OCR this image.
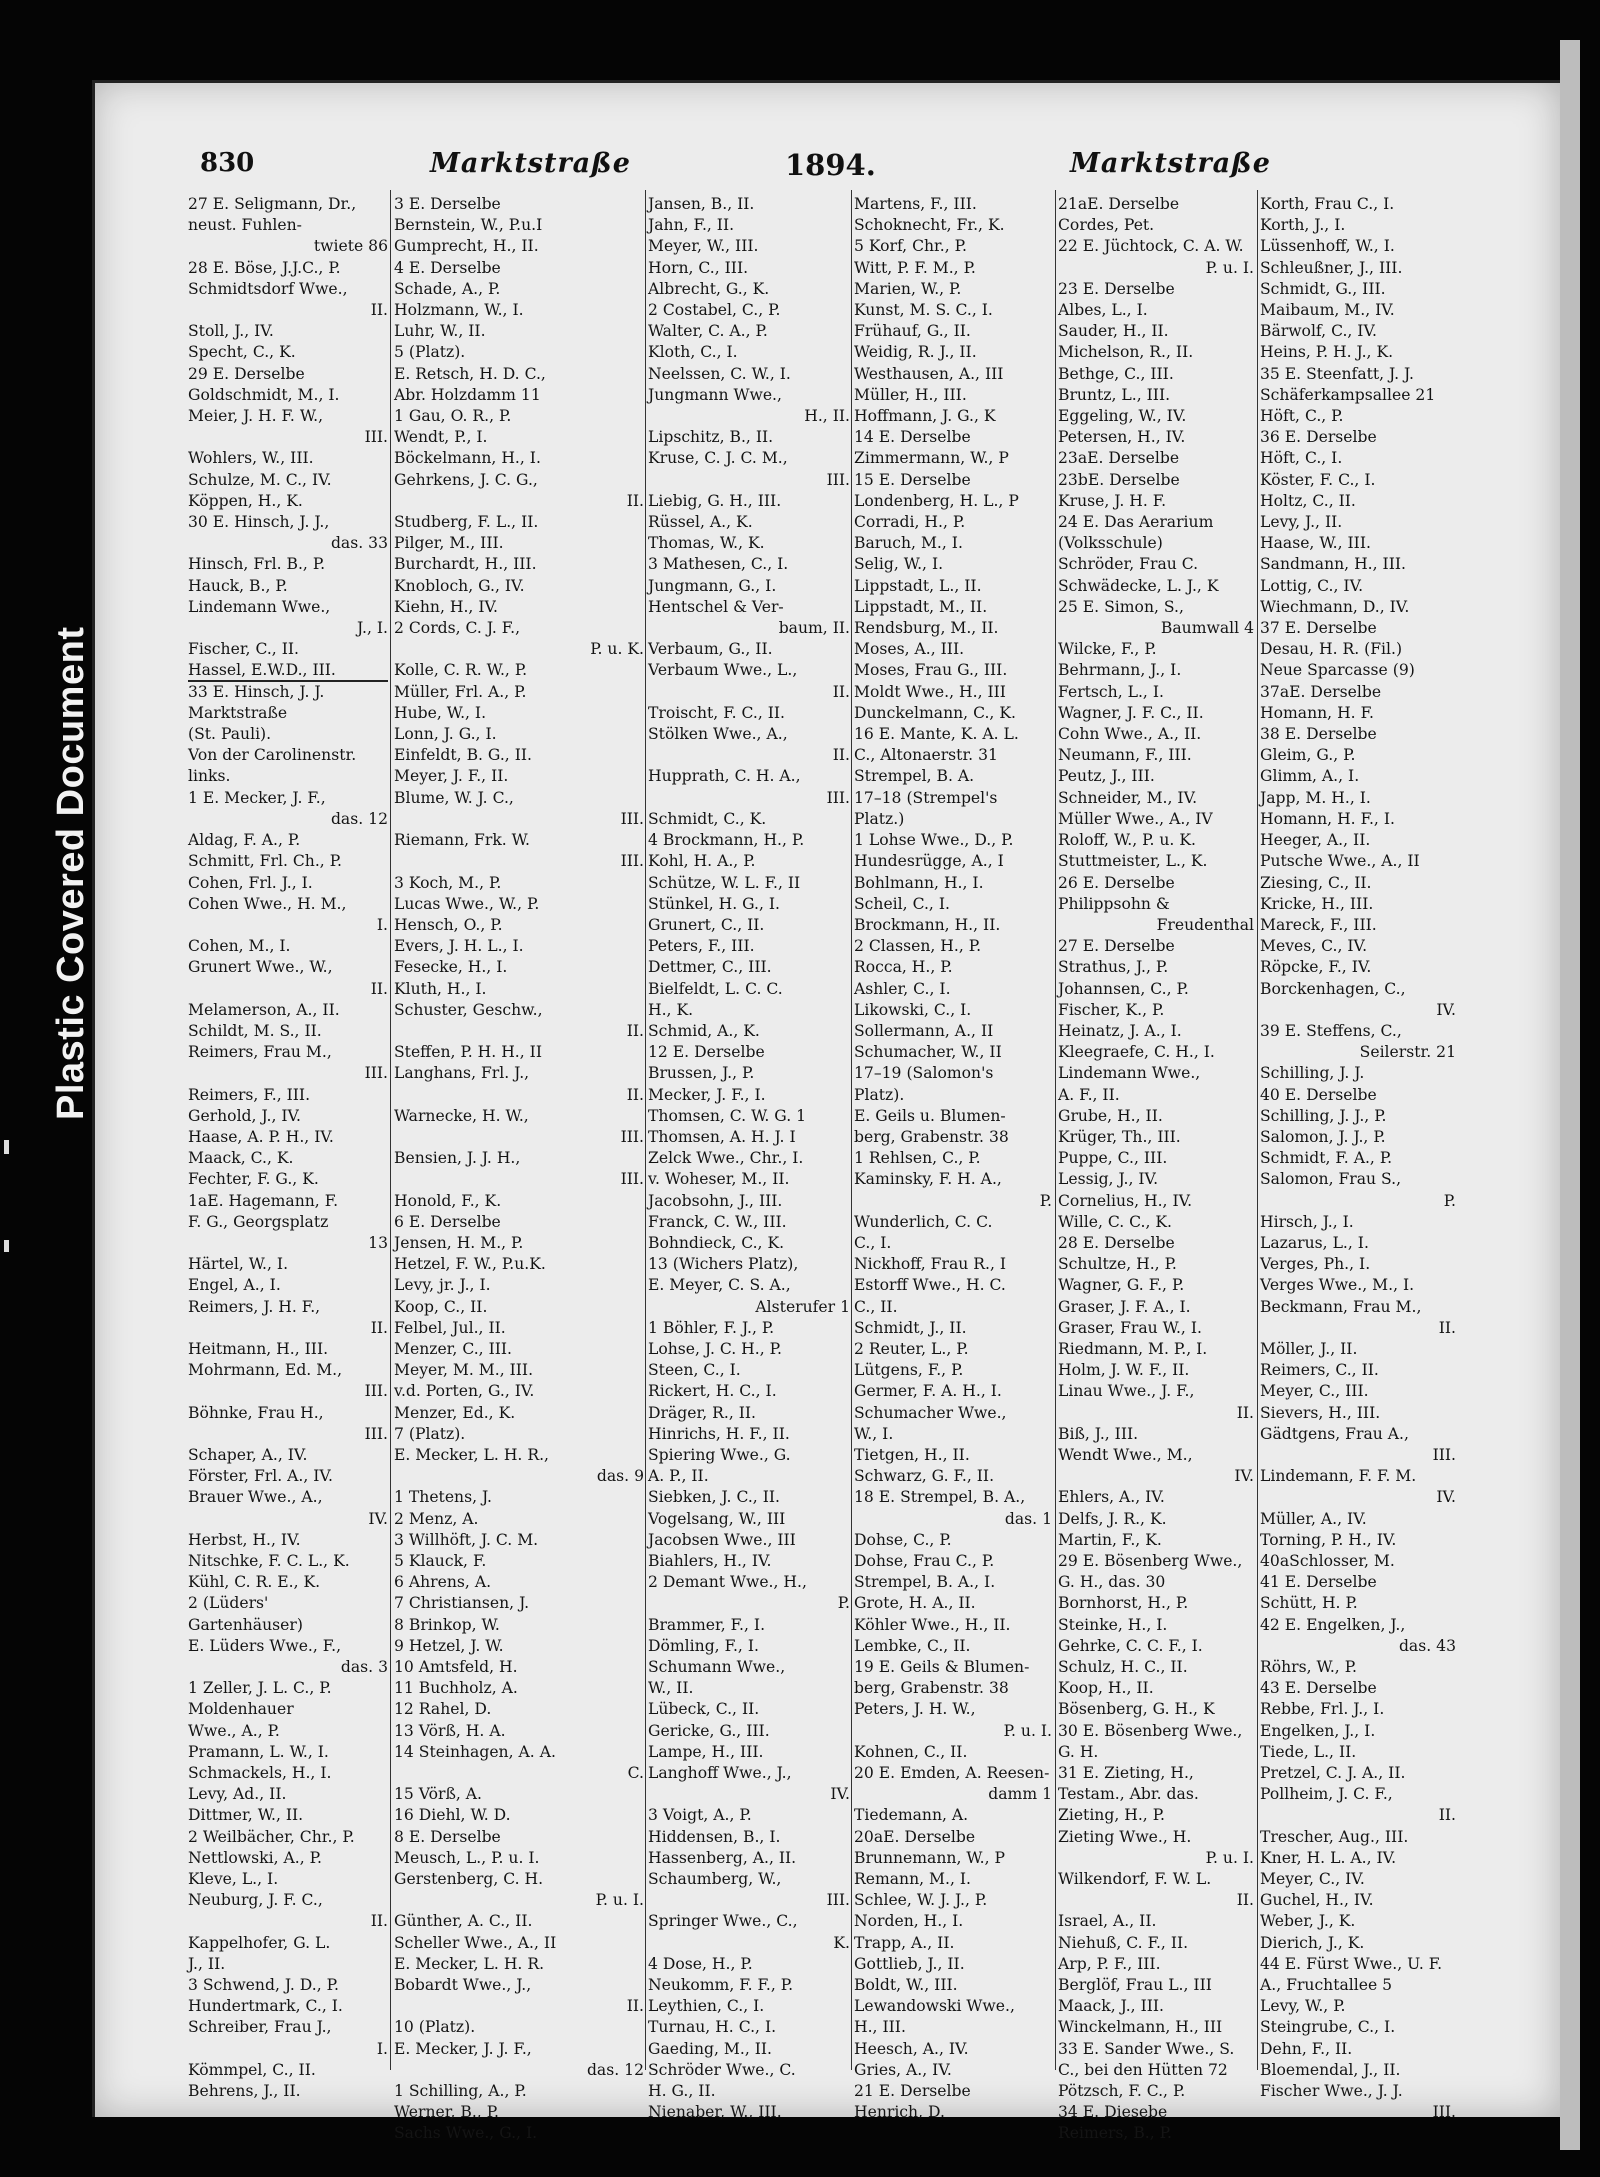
Plastic Covered Document
830	Marktstraße	1894.	Marktstraße
27 E. Seligmann, Dr.,
neust. Fuhlen-
twiete 86
28 E. Böse, J.J.C., P.
Schmidtsdorf Wwe.,
II.
Stoll, J., IV.
Specht, C., K.
29 E. Derselbe
Goldschmidt, M., I.
Meier, J. H. F. W.,
III.
Wohlers, W., III.
Schulze, M. C., IV.
Köppen, H., K.
30 E. Hinsch, J. J.,
das. 33
Hinsch, Frl. B., P.
Hauck, B., P.
Lindemann Wwe.,
J., I.
Fischer, C., II.
Hassel, E.W.D., III.
33 E. Hinsch, J. J.
Marktstraße
(St. Pauli).
Von der Carolinenstr.
links.
1 E. Mecker, J. F.,
das. 12
Aldag, F. A., P.
Schmitt, Frl. Ch., P.
Cohen, Frl. J., I.
Cohen Wwe., H. M.,
I.
Cohen, M., I.
Grunert Wwe., W.,
II.
Melamerson, A., II.
Schildt, M. S., II.
Reimers, Frau M.,
III.
Reimers, F., III.
Gerhold, J., IV.
Haase, A. P. H., IV.
Maack, C., K.
Fechter, F. G., K.
1aE. Hagemann, F.
F. G., Georgsplatz
13
Härtel, W., I.
Engel, A., I.
Reimers, J. H. F.,
II.
Heitmann, H., III.
Mohrmann, Ed. M.,
III.
Böhnke, Frau H.,
III.
Schaper, A., IV.
Förster, Frl. A., IV.
Brauer Wwe., A.,
IV.
Herbst, H., IV.
Nitschke, F. C. L., K.
Kühl, C. R. E., K.
2 (Lüders'
Gartenhäuser)
E. Lüders Wwe., F.,
das. 3
1 Zeller, J. L. C., P.
Moldenhauer
Wwe., A., P.
Pramann, L. W., I.
Schmackels, H., I.
Levy, Ad., II.
Dittmer, W., II.
2 Weilbächer, Chr., P.
Nettlowski, A., P.
Kleve, L., I.
Neuburg, J. F. C.,
II.
Kappelhofer, G. L.
J., II.
3 Schwend, J. D., P.
Hundertmark, C., I.
Schreiber, Frau J.,
I.
Kömmpel, C., II.
Behrens, J., II.
3 E. Derselbe
Bernstein, W., P.u.I
Gumprecht, H., II.
4 E. Derselbe
Schade, A., P.
Holzmann, W., I.
Luhr, W., II.
5 (Platz).
E. Retsch, H. D. C.,
Abr. Holzdamm 11
1 Gau, O. R., P.
Wendt, P., I.
Böckelmann, H., I.
Gehrkens, J. C. G.,
II.
Studberg, F. L., II.
Pilger, M., III.
Burchardt, H., III.
Knobloch, G., IV.
Kiehn, H., IV.
2 Cords, C. J. F.,
P. u. K.
Kolle, C. R. W., P.
Müller, Frl. A., P.
Hube, W., I.
Lonn, J. G., I.
Einfeldt, B. G., II.
Meyer, J. F., II.
Blume, W. J. C.,
III.
Riemann, Frk. W.
III.
3 Koch, M., P.
Lucas Wwe., W., P.
Hensch, O., P.
Evers, J. H. L., I.
Fesecke, H., I.
Kluth, H., I.
Schuster, Geschw.,
II.
Steffen, P. H. H., II
Langhans, Frl. J.,
II.
Warnecke, H. W.,
III.
Bensien, J. J. H.,
III.
Honold, F., K.
6 E. Derselbe
Jensen, H. M., P.
Hetzel, F. W., P.u.K.
Levy, jr. J., I.
Koop, C., II.
Felbel, Jul., II.
Menzer, C., III.
Meyer, M. M., III.
v.d. Porten, G., IV.
Menzer, Ed., K.
7 (Platz).
E. Mecker, L. H. R.,
das. 9
1 Thetens, J.
2 Menz, A.
3 Willhöft, J. C. M.
5 Klauck, F.
6 Ahrens, A.
7 Christiansen, J.
8 Brinkop, W.
9 Hetzel, J. W.
10 Amtsfeld, H.
11 Buchholz, A.
12 Rahel, D.
13 Vörß, H. A.
14 Steinhagen, A. A.
C.
15 Vörß, A.
16 Diehl, W. D.
8 E. Derselbe
Meusch, L., P. u. I.
Gerstenberg, C. H.
P. u. I.
Günther, A. C., II.
Scheller Wwe., A., II
E. Mecker, L. H. R.
Bobardt Wwe., J.,
II.
10 (Platz).
E. Mecker, J. J. F.,
das. 12
1 Schilling, A., P.
Werner, B., P.
Sachs Wwe., G., I.
Jansen, B., II.
Jahn, F., II.
Meyer, W., III.
Horn, C., III.
Albrecht, G., K.
2 Costabel, C., P.
Walter, C. A., P.
Kloth, C., I.
Neelssen, C. W., I.
Jungmann Wwe.,
H., II.
Lipschitz, B., II.
Kruse, C. J. C. M.,
III.
Liebig, G. H., III.
Rüssel, A., K.
Thomas, W., K.
3 Mathesen, C., I.
Jungmann, G., I.
Hentschel & Ver-
baum, II.
Verbaum, G., II.
Verbaum Wwe., L.,
II.
Troischt, F. C., II.
Stölken Wwe., A.,
II.
Hupprath, C. H. A.,
III.
Schmidt, C., K.
4 Brockmann, H., P.
Kohl, H. A., P.
Schütze, W. L. F., II
Stünkel, H. G., I.
Grunert, C., II.
Peters, F., III.
Dettmer, C., III.
Bielfeldt, L. C. C.
H., K.
Schmid, A., K.
12 E. Derselbe
Brussen, J., P.
Mecker, J. F., I.
Thomsen, C. W. G. 1
Thomsen, A. H. J. I
Zelck Wwe., Chr., I.
v. Woheser, M., II.
Jacobsohn, J., III.
Franck, C. W., III.
Bohndieck, C., K.
13 (Wichers Platz),
E. Meyer, C. S. A.,
Alsterufer 1
1 Böhler, F. J., P.
Lohse, J. C. H., P.
Steen, C., I.
Rickert, H. C., I.
Dräger, R., II.
Hinrichs, H. F., II.
Spiering Wwe., G.
A. P., II.
Siebken, J. C., II.
Vogelsang, W., III
Jacobsen Wwe., III
Biahlers, H., IV.
2 Demant Wwe., H.,
P.
Brammer, F., I.
Dömling, F., I.
Schumann Wwe.,
W., II.
Lübeck, C., II.
Gericke, G., III.
Lampe, H., III.
Langhoff Wwe., J.,
IV.
3 Voigt, A., P.
Hiddensen, B., I.
Hassenberg, A., II.
Schaumberg, W.,
III.
Springer Wwe., C.,
K.
4 Dose, H., P.
Neukomm, F. F., P.
Leythien, C., I.
Turnau, H. C., I.
Gaeding, M., II.
Schröder Wwe., C.
H. G., II.
Nienaber, W., III.
Martens, F., III.
Schoknecht, Fr., K.
5 Korf, Chr., P.
Witt, P. F. M., P.
Marien, W., P.
Kunst, M. S. C., I.
Frühauf, G., II.
Weidig, R. J., II.
Westhausen, A., III
Müller, H., III.
Hoffmann, J. G., K
14 E. Derselbe
Zimmermann, W., P
15 E. Derselbe
Londenberg, H. L., P
Corradi, H., P.
Baruch, M., I.
Selig, W., I.
Lippstadt, L., II.
Lippstadt, M., II.
Rendsburg, M., II.
Moses, A., III.
Moses, Frau G., III.
Moldt Wwe., H., III
Dunckelmann, C., K.
16 E. Mante, K. A. L.
C., Altonaerstr. 31
Strempel, B. A.
17–18 (Strempel's
Platz.)
1 Lohse Wwe., D., P.
Hundesrügge, A., I
Bohlmann, H., I.
Scheil, C., I.
Brockmann, H., II.
2 Classen, H., P.
Rocca, H., P.
Ashler, C., I.
Likowski, C., I.
Sollermann, A., II
Schumacher, W., II
17–19 (Salomon's
Platz).
E. Geils u. Blumen-
berg, Grabenstr. 38
1 Rehlsen, C., P.
Kaminsky, F. H. A.,
P.
Wunderlich, C. C.
C., I.
Nickhoff, Frau R., I
Estorff Wwe., H. C.
C., II.
Schmidt, J., II.
2 Reuter, L., P.
Lütgens, F., P.
Germer, F. A. H., I.
Schumacher Wwe.,
W., I.
Tietgen, H., II.
Schwarz, G. F., II.
18 E. Strempel, B. A.,
das. 1
Dohse, C., P.
Dohse, Frau C., P.
Strempel, B. A., I.
Grote, H. A., II.
Köhler Wwe., H., II.
Lembke, C., II.
19 E. Geils & Blumen-
berg, Grabenstr. 38
Peters, J. H. W.,
P. u. I.
Kohnen, C., II.
20 E. Emden, A. Reesen-
damm 1
Tiedemann, A.
20aE. Derselbe
Brunnemann, W., P
Remann, M., I.
Schlee, W. J. J., P.
Norden, H., I.
Trapp, A., II.
Gottlieb, J., II.
Boldt, W., III.
Lewandowski Wwe.,
H., III.
Heesch, A., IV.
Gries, A., IV.
21 E. Derselbe
Henrich, D.
21aE. Derselbe
Cordes, Pet.
22 E. Jüchtock, C. A. W.
P. u. I.
23 E. Derselbe
Albes, L., I.
Sauder, H., II.
Michelson, R., II.
Bethge, C., III.
Bruntz, L., III.
Eggeling, W., IV.
Petersen, H., IV.
23aE. Derselbe
23bE. Derselbe
Kruse, J. H. F.
24 E. Das Aerarium
(Volksschule)
Schröder, Frau C.
Schwädecke, L. J., K
25 E. Simon, S.,
Baumwall 4
Wilcke, F., P.
Behrmann, J., I.
Fertsch, L., I.
Wagner, J. F. C., II.
Cohn Wwe., A., II.
Neumann, F., III.
Peutz, J., III.
Schneider, M., IV.
Müller Wwe., A., IV
Roloff, W., P. u. K.
Stuttmeister, L., K.
26 E. Derselbe
Philippsohn &
Freudenthal
27 E. Derselbe
Strathus, J., P.
Johannsen, C., P.
Fischer, K., P.
Heinatz, J. A., I.
Kleegraefe, C. H., I.
Lindemann Wwe.,
A. F., II.
Grube, H., II.
Krüger, Th., III.
Puppe, C., III.
Lessig, J., IV.
Cornelius, H., IV.
Wille, C. C., K.
28 E. Derselbe
Schultze, H., P.
Wagner, G. F., P.
Graser, J. F. A., I.
Graser, Frau W., I.
Riedmann, M. P., I.
Holm, J. W. F., II.
Linau Wwe., J. F.,
II.
Biß, J., III.
Wendt Wwe., M.,
IV.
Ehlers, A., IV.
Delfs, J. R., K.
Martin, F., K.
29 E. Bösenberg Wwe.,
G. H., das. 30
Bornhorst, H., P.
Steinke, H., I.
Gehrke, C. C. F., I.
Schulz, H. C., II.
Koop, H., II.
Bösenberg, G. H., K
30 E. Bösenberg Wwe.,
G. H.
31 E. Zieting, H.,
Testam., Abr. das.
Zieting, H., P.
Zieting Wwe., H.
P. u. I.
Wilkendorf, F. W. L.
II.
Israel, A., II.
Niehuß, C. F., II.
Arp, P. F., III.
Berglöf, Frau L., III
Maack, J., III.
Winckelmann, H., III
33 E. Sander Wwe., S.
C., bei den Hütten 72
Pötzsch, F. C., P.
34 E. Diesebe
Reimers, B., P.
Korth, Frau C., I.
Korth, J., I.
Lüssenhoff, W., I.
Schleußner, J., III.
Schmidt, G., III.
Maibaum, M., IV.
Bärwolf, C., IV.
Heins, P. H. J., K.
35 E. Steenfatt, J. J.
Schäferkampsallee 21
Höft, C., P.
36 E. Derselbe
Höft, C., I.
Köster, F. C., I.
Holtz, C., II.
Levy, J., II.
Haase, W., III.
Sandmann, H., III.
Lottig, C., IV.
Wiechmann, D., IV.
37 E. Derselbe
Desau, H. R. (Fil.)
Neue Sparcasse (9)
37aE. Derselbe
Homann, H. F.
38 E. Derselbe
Gleim, G., P.
Glimm, A., I.
Japp, M. H., I.
Homann, H. F., I.
Heeger, A., II.
Putsche Wwe., A., II
Ziesing, C., II.
Kricke, H., III.
Mareck, F., III.
Meves, C., IV.
Röpcke, F., IV.
Borckenhagen, C.,
IV.
39 E. Steffens, C.,
Seilerstr. 21
Schilling, J. J.
40 E. Derselbe
Schilling, J. J., P.
Salomon, J. J., P.
Schmidt, F. A., P.
Salomon, Frau S.,
P.
Hirsch, J., I.
Lazarus, L., I.
Verges, Ph., I.
Verges Wwe., M., I.
Beckmann, Frau M.,
II.
Möller, J., II.
Reimers, C., II.
Meyer, C., III.
Sievers, H., III.
Gädtgens, Frau A.,
III.
Lindemann, F. F. M.
IV.
Müller, A., IV.
Torning, P. H., IV.
40aSchlosser, M.
41 E. Derselbe
Schütt, H. P.
42 E. Engelken, J.,
das. 43
Röhrs, W., P.
43 E. Derselbe
Rebbe, Frl. J., I.
Engelken, J., I.
Tiede, L., II.
Pretzel, C. J. A., II.
Pollheim, J. C. F.,
II.
Trescher, Aug., III.
Kner, H. L. A., IV.
Meyer, C., IV.
Guchel, H., IV.
Weber, J., K.
Dierich, J., K.
44 E. Fürst Wwe., U. F.
A., Fruchtallee 5
Levy, W., P.
Steingrube, C., I.
Dehn, F., II.
Bloemendal, J., II.
Fischer Wwe., J. J.
III.
